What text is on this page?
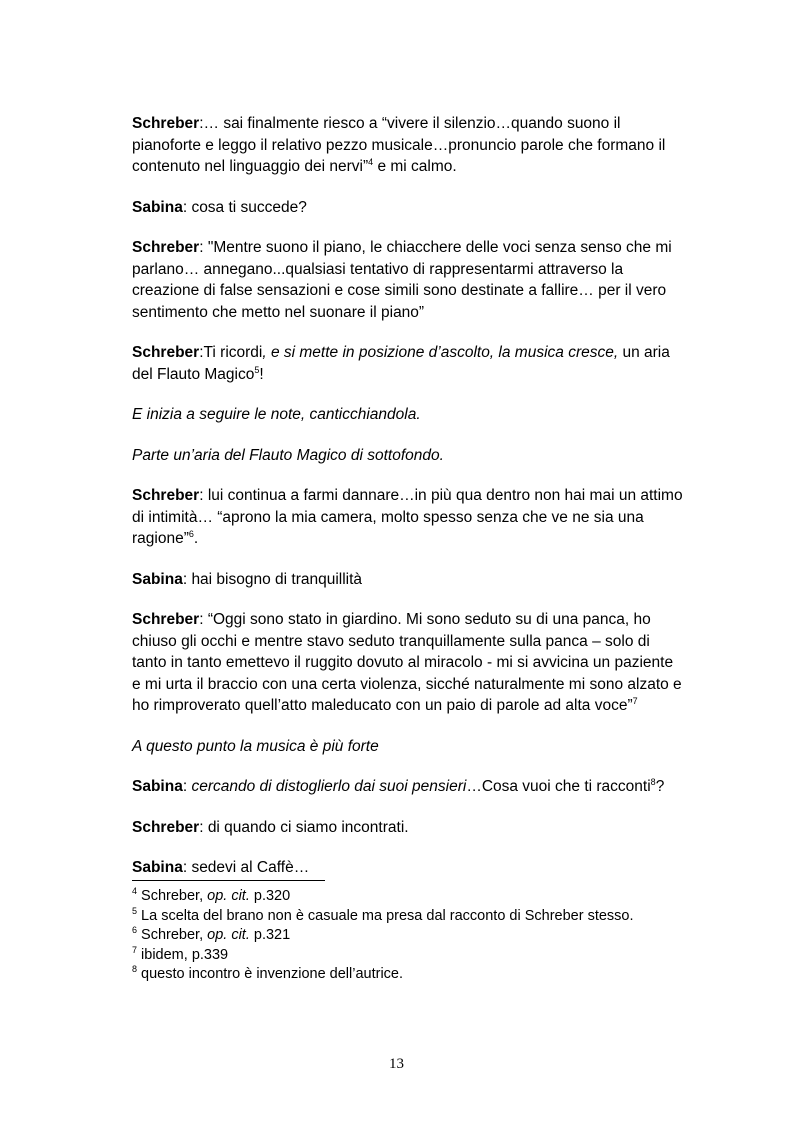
Schreber:… sai finalmente riesco a “vivere il silenzio…quando suono il pianoforte e leggo il relativo pezzo musicale…pronuncio parole che formano il contenuto nel linguaggio dei nervi”$^4$ e mi calmo.

Sabina: cosa ti succede?

Schreber: "Mentre suono il piano, le chiacchere delle voci senza senso che mi parlano… annegano...qualsiasi tentativo di rappresentarmi attraverso la creazione di false sensazioni e cose simili sono destinate a fallire… per il vero sentimento che metto nel suonare il piano”

Schreber:Ti ricordi, e si mette in posizione d’ascolto, la musica cresce, un aria del Flauto Magico$^5$!

E inizia a seguire le note, canticchiandola.

Parte un’aria del Flauto Magico di sottofondo.

Schreber: lui continua a farmi dannare…in più qua dentro non hai mai un attimo di intimità… “aprono la mia camera, molto spesso senza che ve ne sia una ragione”$^6$.

Sabina: hai bisogno di tranquillità

Schreber: “Oggi sono stato in giardino. Mi sono seduto su di una panca, ho chiuso gli occhi e mentre stavo seduto tranquillamente sulla panca – solo di tanto in tanto emettevo il ruggito dovuto al miracolo - mi si avvicina un paziente e mi urta il braccio con una certa violenza, sicché naturalmente mi sono alzato e ho rimproverato quell’atto maleducato con un paio di parole ad alta voce”$^7$

A questo punto la musica è più forte

Sabina: cercando di distoglierlo dai suoi pensieri…Cosa vuoi che ti racconti$^8$?

Schreber: di quando ci siamo incontrati.

Sabina: sedevi al Caffè…

$^4$ Schreber, op. cit. p.320

$^5$ La scelta del brano non è casuale ma presa dal racconto di Schreber stesso.

$^6$ Schreber, op. cit. p.321

$^7$ ibidem, p.339

$^8$ questo incontro è invenzione dell’autrice.

13
